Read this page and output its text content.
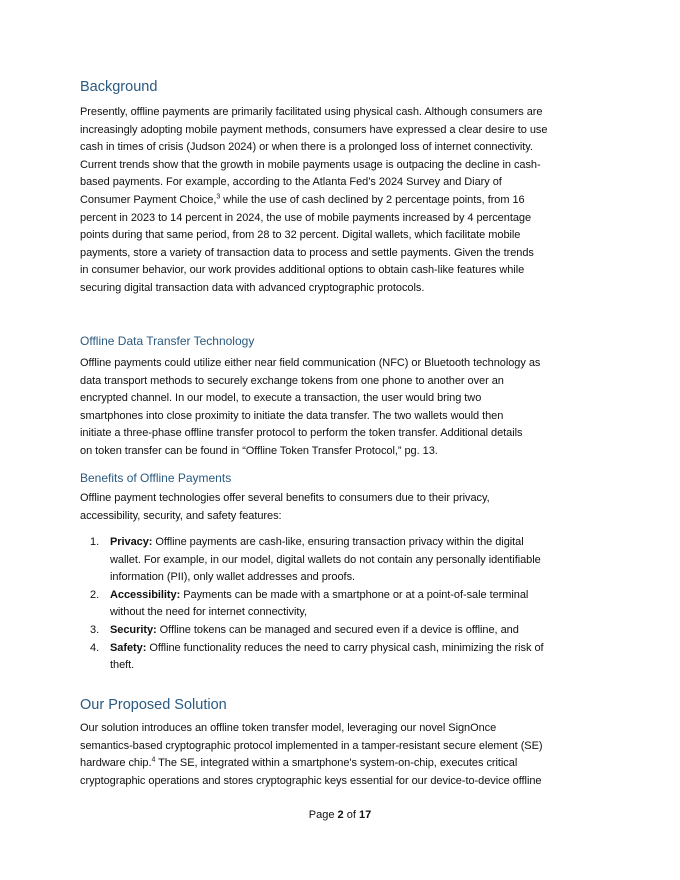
Background
Presently, offline payments are primarily facilitated using physical cash. Although consumers are
increasingly adopting mobile payment methods, consumers have expressed a clear desire to use
cash in times of crisis (Judson 2024) or when there is a prolonged loss of internet connectivity.
Current trends show that the growth in mobile payments usage is outpacing the decline in cash-
based payments. For example, according to the Atlanta Fed’s 2024 Survey and Diary of
Consumer Payment Choice,$^3$ while the use of cash declined by 2 percentage points, from 16
percent in 2023 to 14 percent in 2024, the use of mobile payments increased by 4 percentage
points during that same period, from 28 to 32 percent. Digital wallets, which facilitate mobile
payments, store a variety of transaction data to process and settle payments. Given the trends
in consumer behavior, our work provides additional options to obtain cash-like features while
securing digital transaction data with advanced cryptographic protocols.
Offline Data Transfer Technology
Offline payments could utilize either near field communication (NFC) or Bluetooth technology as
data transport methods to securely exchange tokens from one phone to another over an
encrypted channel. In our model, to execute a transaction, the user would bring two
smartphones into close proximity to initiate the data transfer. The two wallets would then
initiate a three-phase offline transfer protocol to perform the token transfer. Additional details
on token transfer can be found in “Offline Token Transfer Protocol,” pg. 13.
Benefits of Offline Payments
Offline payment technologies offer several benefits to consumers due to their privacy,
accessibility, security, and safety features:
1. Privacy: Offline payments are cash-like, ensuring transaction privacy within the digital
wallet. For example, in our model, digital wallets do not contain any personally identifiable
information (PII), only wallet addresses and proofs.
2. Accessibility: Payments can be made with a smartphone or at a point-of-sale terminal
without the need for internet connectivity,
3. Security: Offline tokens can be managed and secured even if a device is offline, and
4. Safety: Offline functionality reduces the need to carry physical cash, minimizing the risk of
theft.
Our Proposed Solution
Our solution introduces an offline token transfer model, leveraging our novel SignOnce
semantics-based cryptographic protocol implemented in a tamper-resistant secure element (SE)
hardware chip.$^4$ The SE, integrated within a smartphone's system-on-chip, executes critical
cryptographic operations and stores cryptographic keys essential for our device-to-device offline
Page 2 of 17
